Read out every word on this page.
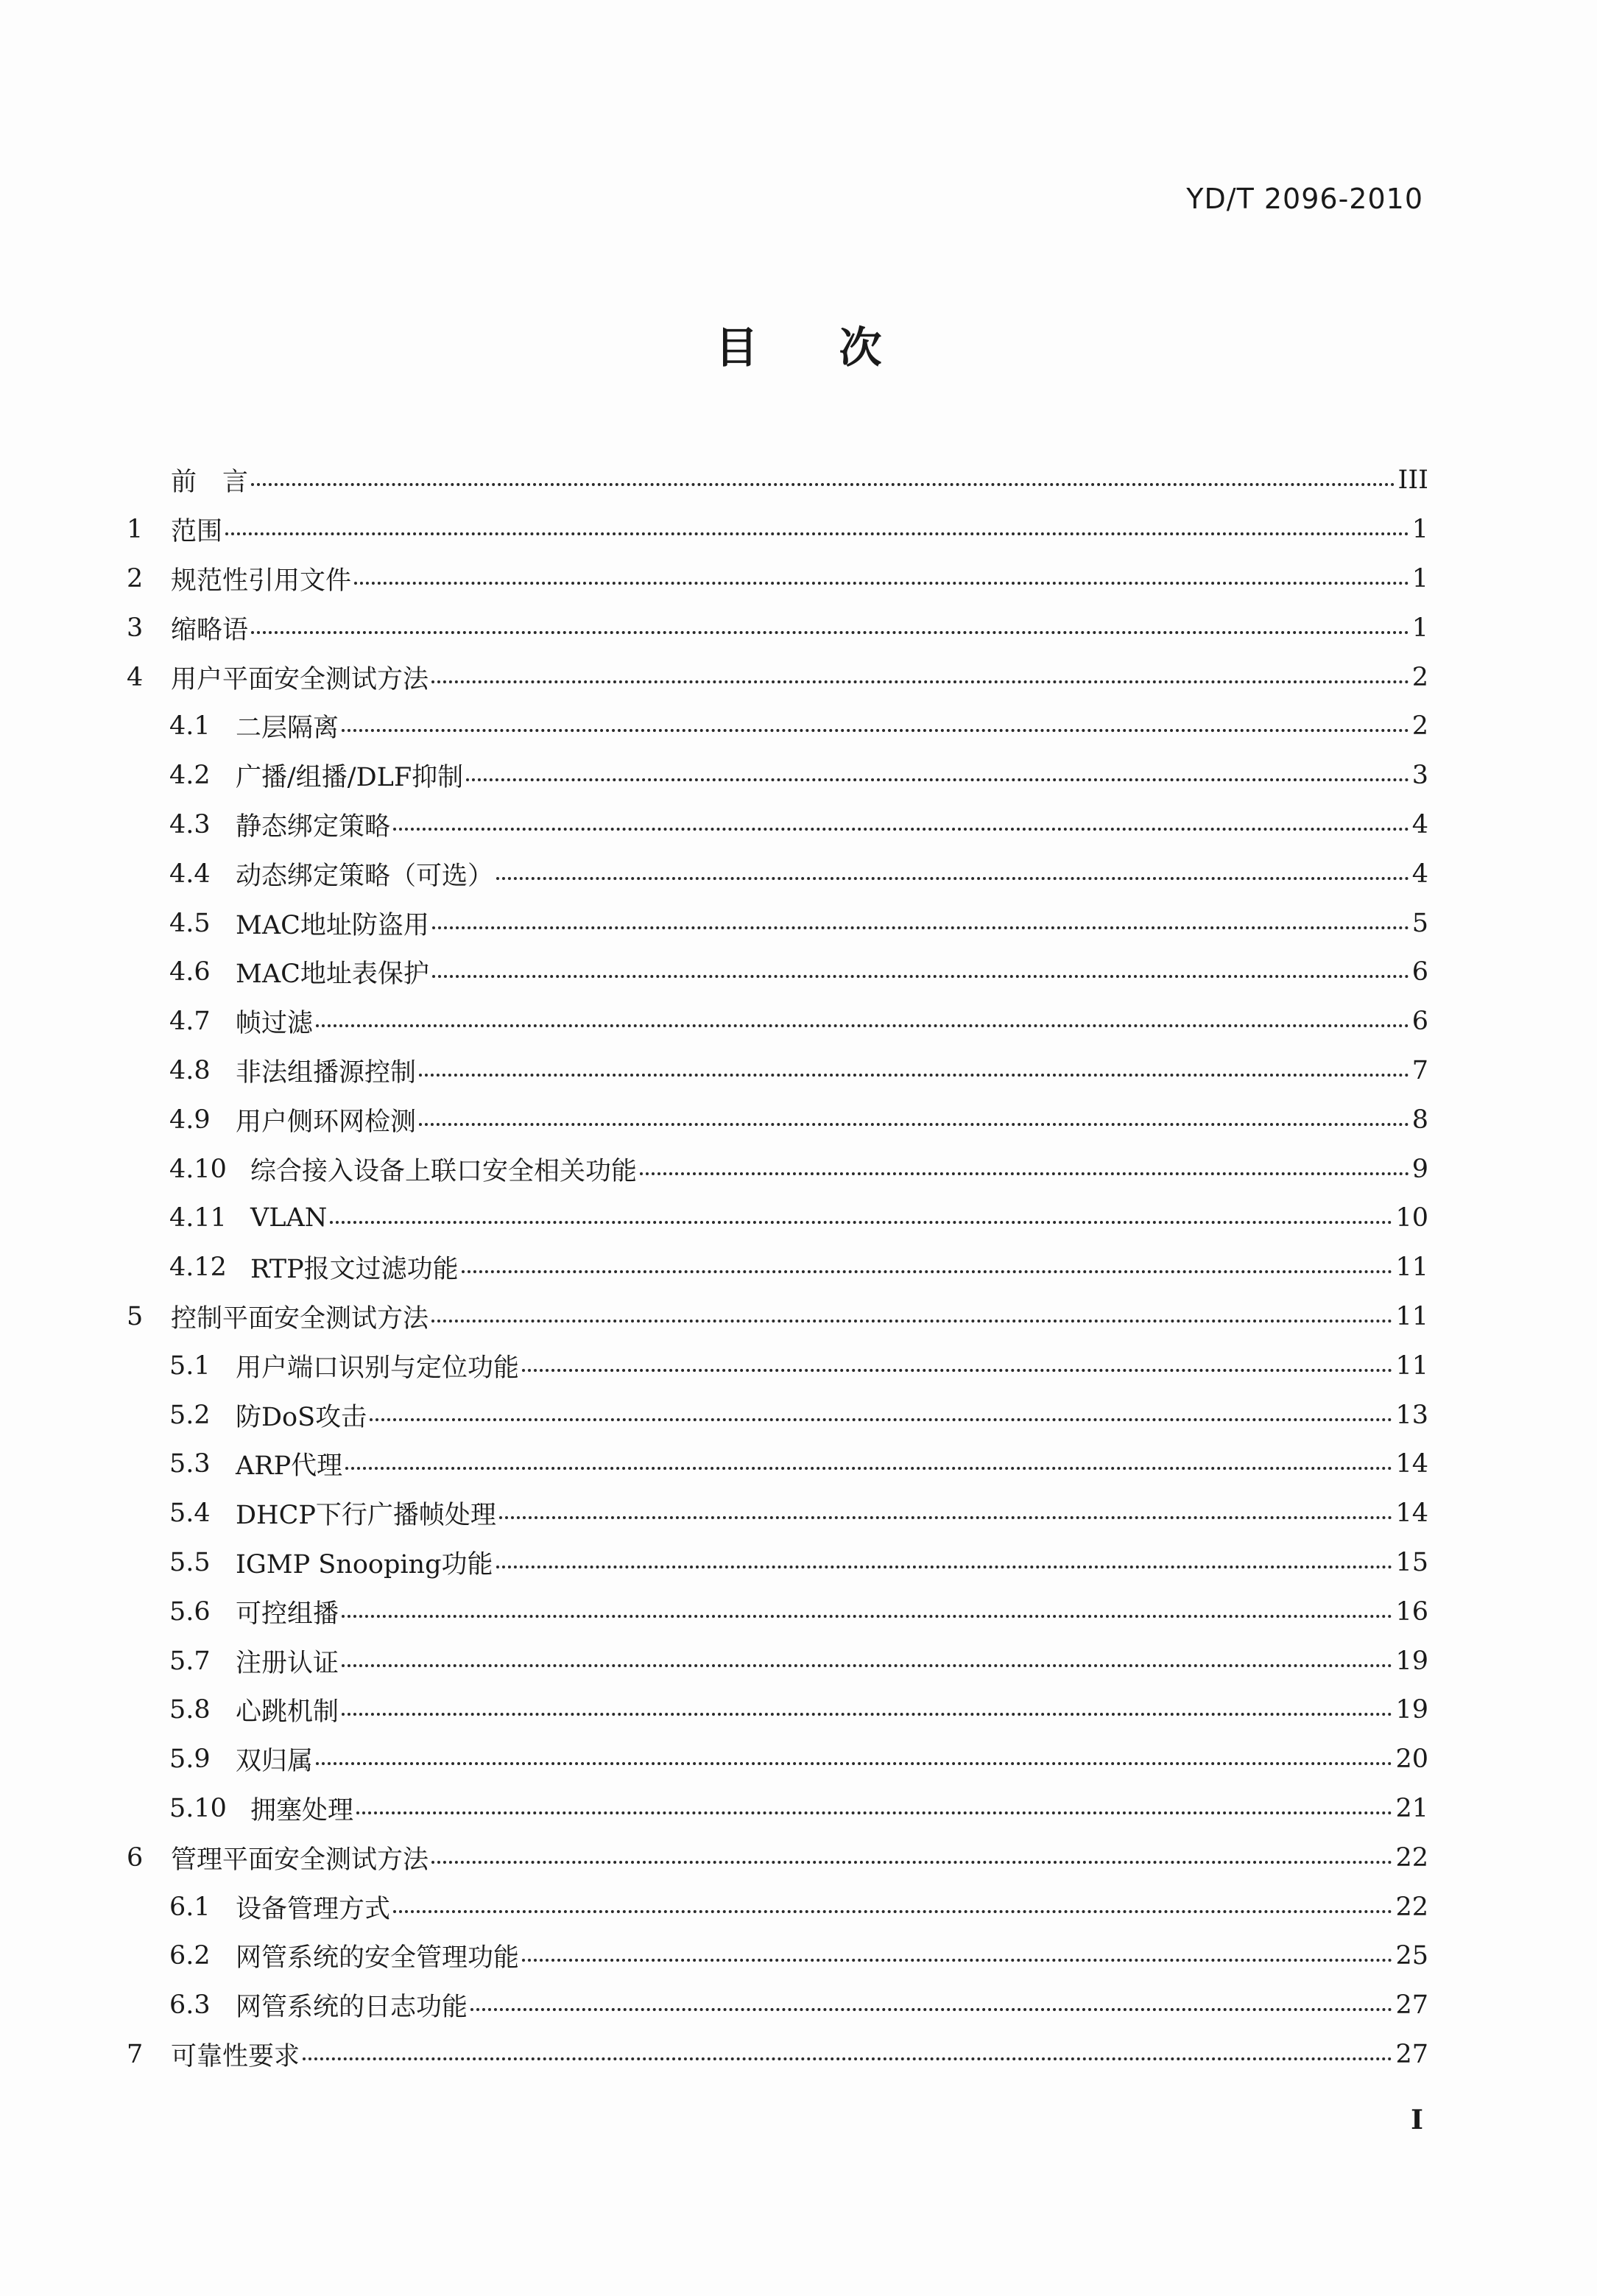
YD/T 2096-2010
目次
前　言	III
1	范围	1
2	规范性引用文件	1
3	缩略语	1
4	用户平面安全测试方法	2
4.1 二层隔离	2
4.2 广播/组播/DLF抑制	3
4.3 静态绑定策略	4
4.4 动态绑定策略（可选）	4
4.5 MAC地址防盗用	5
4.6 MAC地址表保护	6
4.7 帧过滤	6
4.8 非法组播源控制	7
4.9 用户侧环网检测	8
4.10 综合接入设备上联口安全相关功能	9
4.11 VLAN	10
4.12 RTP报文过滤功能	11
5	控制平面安全测试方法	11
5.1 用户端口识别与定位功能	11
5.2 防DoS攻击	13
5.3 ARP代理	14
5.4 DHCP下行广播帧处理	14
5.5 IGMP Snooping功能	15
5.6 可控组播	16
5.7 注册认证	19
5.8 心跳机制	19
5.9 双归属	20
5.10 拥塞处理	21
6	管理平面安全测试方法	22
6.1 设备管理方式	22
6.2 网管系统的安全管理功能	25
6.3 网管系统的日志功能	27
7	可靠性要求	27
I
